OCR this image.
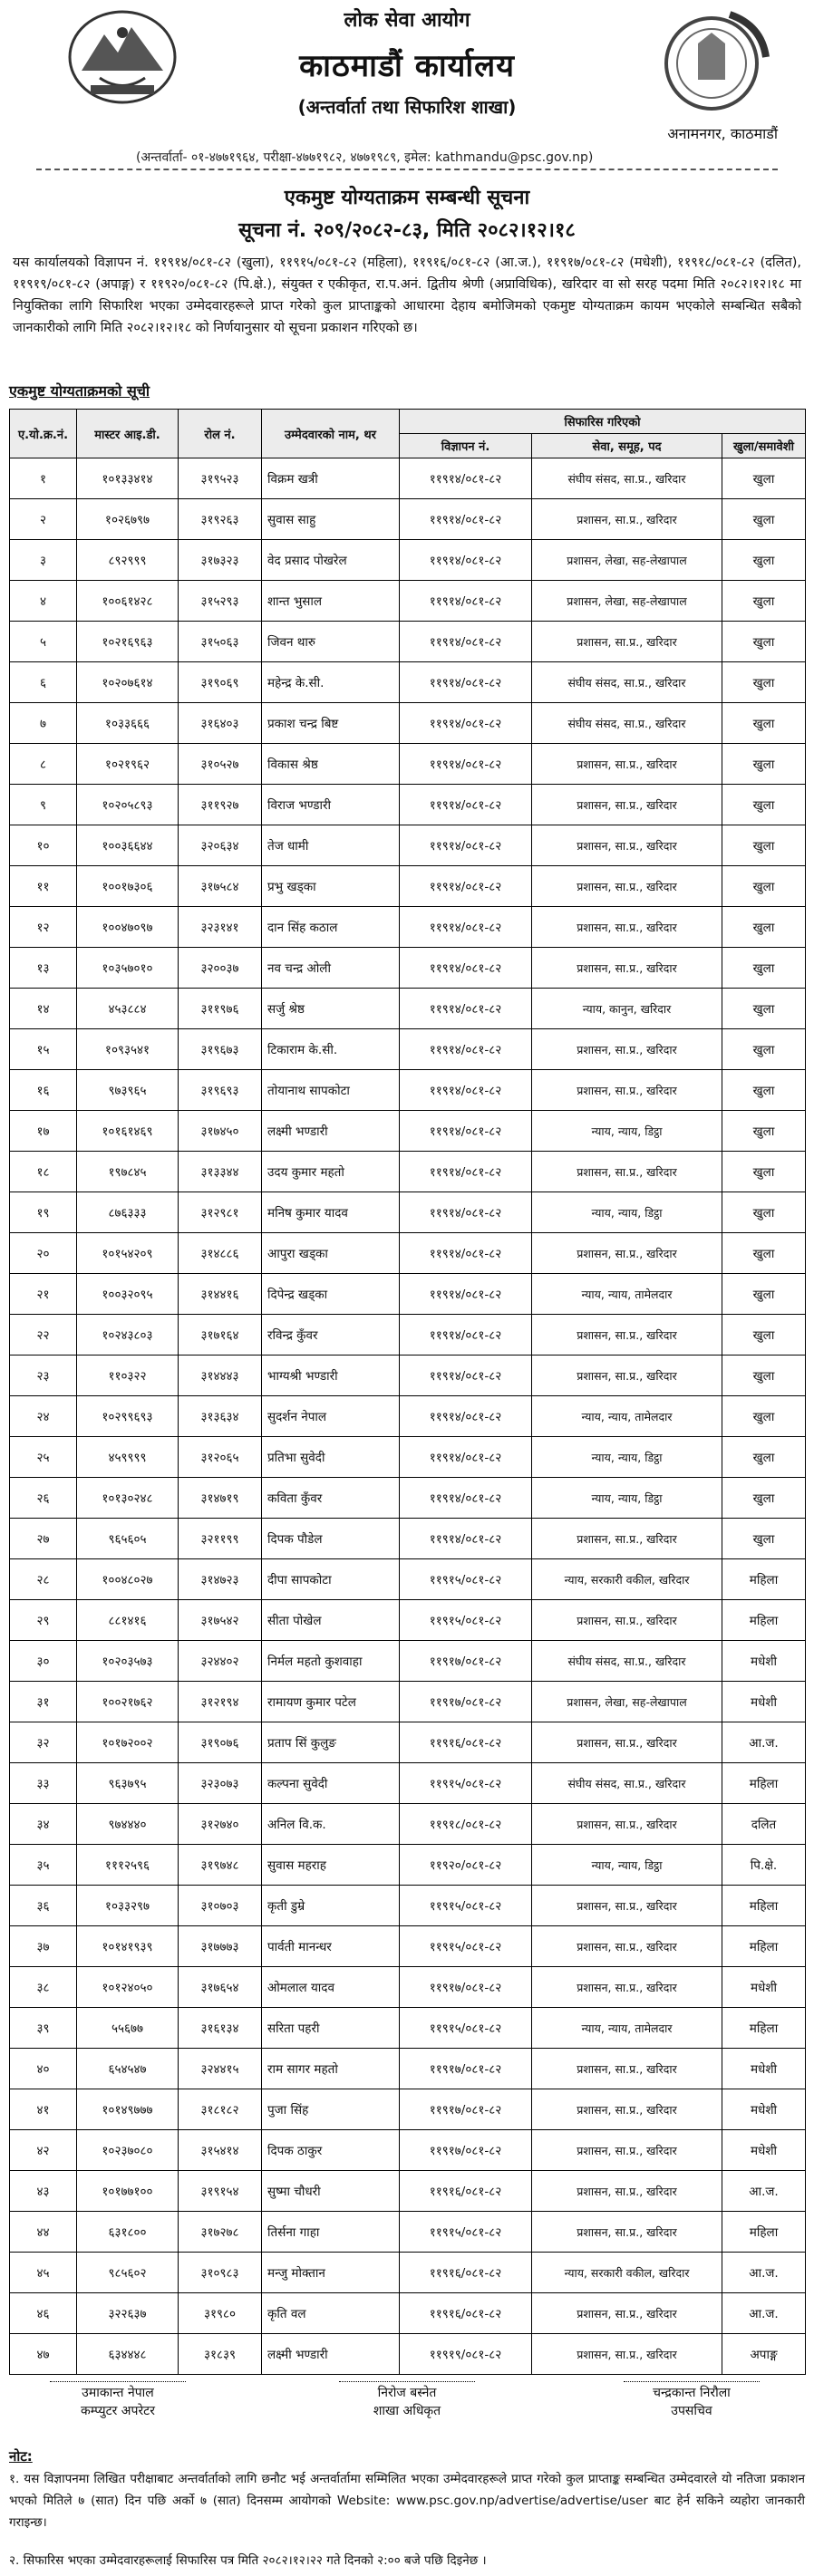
लोक सेवा आयोग
काठमाडौं कार्यालय
(अन्तर्वार्ता तथा सिफारिश शाखा)
अनामनगर, काठमाडौं
(अन्तर्वार्ता- ०१-४७७१९६४, परीक्षा-४७७१९८२, ४७७१९८९, इमेल: kathmandu@psc.gov.np)
एकमुष्ट योग्यताक्रम सम्बन्धी सूचना
सूचना नं. २०९/२०८२-८३, मिति २०८२।१२।१८
यस कार्यालयको विज्ञापन नं. ११९१४/०८१-८२ (खुला), ११९१५/०८१-८२ (महिला), ११९१६/०८१-८२ (आ.ज.), ११९१७/०८१-८२ (मधेशी), ११९१८/०८१-८२ (दलित), ११९१९/०८१-८२ (अपाङ्ग) र ११९२०/०८१-८२ (पि.क्षे.), संयुक्त र एकीकृत, रा.प.अनं. द्वितीय श्रेणी (अप्राविधिक), खरिदार वा सो सरह पदमा मिति २०८२।१२।१८ मा नियुक्तिका लागि सिफारिश भएका उम्मेदवारहरूले प्राप्त गरेको कुल प्राप्ताङ्कको आधारमा देहाय बमोजिमको एकमुष्ट योग्यताक्रम कायम भएकोले सम्बन्धित सबैको जानकारीको लागि मिति २०८२।१२।१८ को निर्णयानुसार यो सूचना प्रकाशन गरिएको छ।
एकमुष्ट योग्यताक्रमको सूची
ए.यो.क्र.नं.	मास्टर आइ.डी.	रोल नं.	उम्मेदवारको नाम, थर	सिफारिस गरिएको		
				विज्ञापन नं.	सेवा, समूह, पद	खुला/समावेशी
१	१०१३३४१४	३१९५२३	विक्रम खत्री	११९१४/०८१-८२	संघीय संसद, सा.प्र., खरिदार	खुला
२	१०२६७९७	३१९२६३	सुवास साहु	११९१४/०८१-८२	प्रशासन, सा.प्र., खरिदार	खुला
३	८९२९९९	३१७३२३	वेद प्रसाद पोखरेल	११९१४/०८१-८२	प्रशासन, लेखा, सह-लेखापाल	खुला
४	१००६१४२८	३१५२९३	शान्त भुसाल	११९१४/०८१-८२	प्रशासन, लेखा, सह-लेखापाल	खुला
५	१०२१६९६३	३१५०६३	जिवन थारु	११९१४/०८१-८२	प्रशासन, सा.प्र., खरिदार	खुला
६	१०२०७६१४	३१९०६९	महेन्द्र के.सी.	११९१४/०८१-८२	संघीय संसद, सा.प्र., खरिदार	खुला
७	१०३३६६६	३१६४०३	प्रकाश चन्द्र बिष्ट	११९१४/०८१-८२	संघीय संसद, सा.प्र., खरिदार	खुला
८	१०२१९६२	३१०५२७	विकास श्रेष्ठ	११९१४/०८१-८२	प्रशासन, सा.प्र., खरिदार	खुला
९	१०२०५८९३	३११९२७	विराज भण्डारी	११९१४/०८१-८२	प्रशासन, सा.प्र., खरिदार	खुला
१०	१००३६६४४	३२०६३४	तेज धामी	११९१४/०८१-८२	प्रशासन, सा.प्र., खरिदार	खुला
११	१००१७३०६	३१७५८४	प्रभु खड्का	११९१४/०८१-८२	प्रशासन, सा.प्र., खरिदार	खुला
१२	१००४७०९७	३२३१४१	दान सिंह कठाल	११९१४/०८१-८२	प्रशासन, सा.प्र., खरिदार	खुला
१३	१०३५७०१०	३२००३७	नव चन्द्र ओली	११९१४/०८१-८२	प्रशासन, सा.प्र., खरिदार	खुला
१४	४५३८८४	३११९७६	सर्जु श्रेष्ठ	११९१४/०८१-८२	न्याय, कानुन, खरिदार	खुला
१५	१०९३५४१	३१९६७३	टिकाराम के.सी.	११९१४/०८१-८२	प्रशासन, सा.प्र., खरिदार	खुला
१६	९७३९६५	३१९६९३	तोयानाथ सापकोटा	११९१४/०८१-८२	प्रशासन, सा.प्र., खरिदार	खुला
१७	१०१६१४६९	३१७४५०	लक्ष्मी भण्डारी	११९१४/०८१-८२	न्याय, न्याय, डिट्ठा	खुला
१८	१९७८४५	३१३३४४	उदय कुमार महतो	११९१४/०८१-८२	प्रशासन, सा.प्र., खरिदार	खुला
१९	८७६३३३	३१२९८१	मनिष कुमार यादव	११९१४/०८१-८२	न्याय, न्याय, डिट्ठा	खुला
२०	१०१५४२०९	३१४८८६	आपुरा खड्का	११९१४/०८१-८२	प्रशासन, सा.प्र., खरिदार	खुला
२१	१००३२०९५	३१४४१६	दिपेन्द्र खड्का	११९१४/०८१-८२	न्याय, न्याय, तामेलदार	खुला
२२	१०२४३८०३	३१७१६४	रविन्द्र कुँवर	११९१४/०८१-८२	प्रशासन, सा.प्र., खरिदार	खुला
२३	११०३२२	३१४४४३	भाग्यश्री भण्डारी	११९१४/०८१-८२	प्रशासन, सा.प्र., खरिदार	खुला
२४	१०२९९६९३	३१३६३४	सुदर्शन नेपाल	११९१४/०८१-८२	न्याय, न्याय, तामेलदार	खुला
२५	४५९९९९	३१२०६५	प्रतिभा सुवेदी	११९१४/०८१-८२	न्याय, न्याय, डिट्ठा	खुला
२६	१०१३०२४८	३१४७१९	कविता कुँवर	११९१४/०८१-८२	न्याय, न्याय, डिट्ठा	खुला
२७	९६५६०५	३२११९९	दिपक पौडेल	११९१४/०८१-८२	प्रशासन, सा.प्र., खरिदार	खुला
२८	१००४८०२७	३१४७२३	दीपा सापकोटा	११९१५/०८१-८२	न्याय, सरकारी वकील, खरिदार	महिला
२९	८८१४१६	३१७५४२	सीता पोखेल	११९१५/०८१-८२	प्रशासन, सा.प्र., खरिदार	महिला
३०	१०२०३५७३	३२४४०२	निर्मल महतो कुशवाहा	११९१७/०८१-८२	संघीय संसद, सा.प्र., खरिदार	मधेशी
३१	१००२१७६२	३१२१९४	रामायण कुमार पटेल	११९१७/०८१-८२	प्रशासन, लेखा, सह-लेखापाल	मधेशी
३२	१०१७२००२	३१९०७६	प्रताप सिं कुलुङ	११९१६/०८१-८२	प्रशासन, सा.प्र., खरिदार	आ.ज.
३३	९६३७९५	३२३०७३	कल्पना सुवेदी	११९१५/०८१-८२	संघीय संसद, सा.प्र., खरिदार	महिला
३४	९७४४४०	३१२७४०	अनिल वि.क.	११९१८/०८१-८२	प्रशासन, सा.प्र., खरिदार	दलित
३५	१११२५९६	३१९७४८	सुवास महराह	११९२०/०८१-८२	न्याय, न्याय, डिट्ठा	पि.क्षे.
३६	१०३३२९७	३१०७०३	कृती डुम्रे	११९१५/०८१-८२	प्रशासन, सा.प्र., खरिदार	महिला
३७	१०१४१९३९	३१७७७३	पार्वती मानन्धर	११९१५/०८१-८२	प्रशासन, सा.प्र., खरिदार	महिला
३८	१०१२४०५०	३१७६५४	ओमलाल यादव	११९१७/०८१-८२	प्रशासन, सा.प्र., खरिदार	मधेशी
३९	५५६७७	३१६१३४	सरिता पहरी	११९१५/०८१-८२	न्याय, न्याय, तामेलदार	महिला
४०	६५४५४७	३२४४१५	राम सागर महतो	११९१७/०८१-८२	प्रशासन, सा.प्र., खरिदार	मधेशी
४१	१०१४९७७७	३१८१८२	पुजा सिंह	११९१७/०८१-८२	प्रशासन, सा.प्र., खरिदार	मधेशी
४२	१०२३७०८०	३१५४१४	दिपक ठाकुर	११९१७/०८१-८२	प्रशासन, सा.प्र., खरिदार	मधेशी
४३	१०१७७१००	३१९१५४	सुष्मा चौधरी	११९१६/०८१-८२	प्रशासन, सा.प्र., खरिदार	आ.ज.
४४	६३१८००	३१७२७८	तिर्सना गाहा	११९१५/०८१-८२	प्रशासन, सा.प्र., खरिदार	महिला
४५	९८५६०२	३१०९८३	मन्जु मोक्तान	११९१६/०८१-८२	न्याय, सरकारी वकील, खरिदार	आ.ज.
४६	३२२६३७	३१९८०	कृति वल	११९१६/०८१-८२	प्रशासन, सा.प्र., खरिदार	आ.ज.
४७	६३४४४८	३१८३९	लक्ष्मी भण्डारी	११९१९/०८१-८२	प्रशासन, सा.प्र., खरिदार	अपाङ्ग
उमाकान्त नेपाल
कम्प्युटर अपरेटर
निरोज बस्नेत
शाखा अधिकृत
चन्द्रकान्त निरौला
उपसचिव
नोट:
१. यस विज्ञापनमा लिखित परीक्षाबाट अन्तर्वार्ताको लागि छनौट भई अन्तर्वार्तामा सम्मिलित भएका उम्मेदवारहरूले प्राप्त गरेको कुल प्राप्ताङ्क सम्बन्धित उम्मेदवारले यो नतिजा प्रकाशन भएको मितिले ७ (सात) दिन पछि अर्को ७ (सात) दिनसम्म आयोगको Website: www.psc.gov.np/advertise/advertise/user बाट हेर्न सकिने व्यहोरा जानकारी गराइन्छ।
२. सिफारिस भएका उम्मेदवारहरूलाई सिफारिस पत्र मिति २०८२।१२।२२ गते दिनको २:०० बजे पछि दिइनेछ ।
